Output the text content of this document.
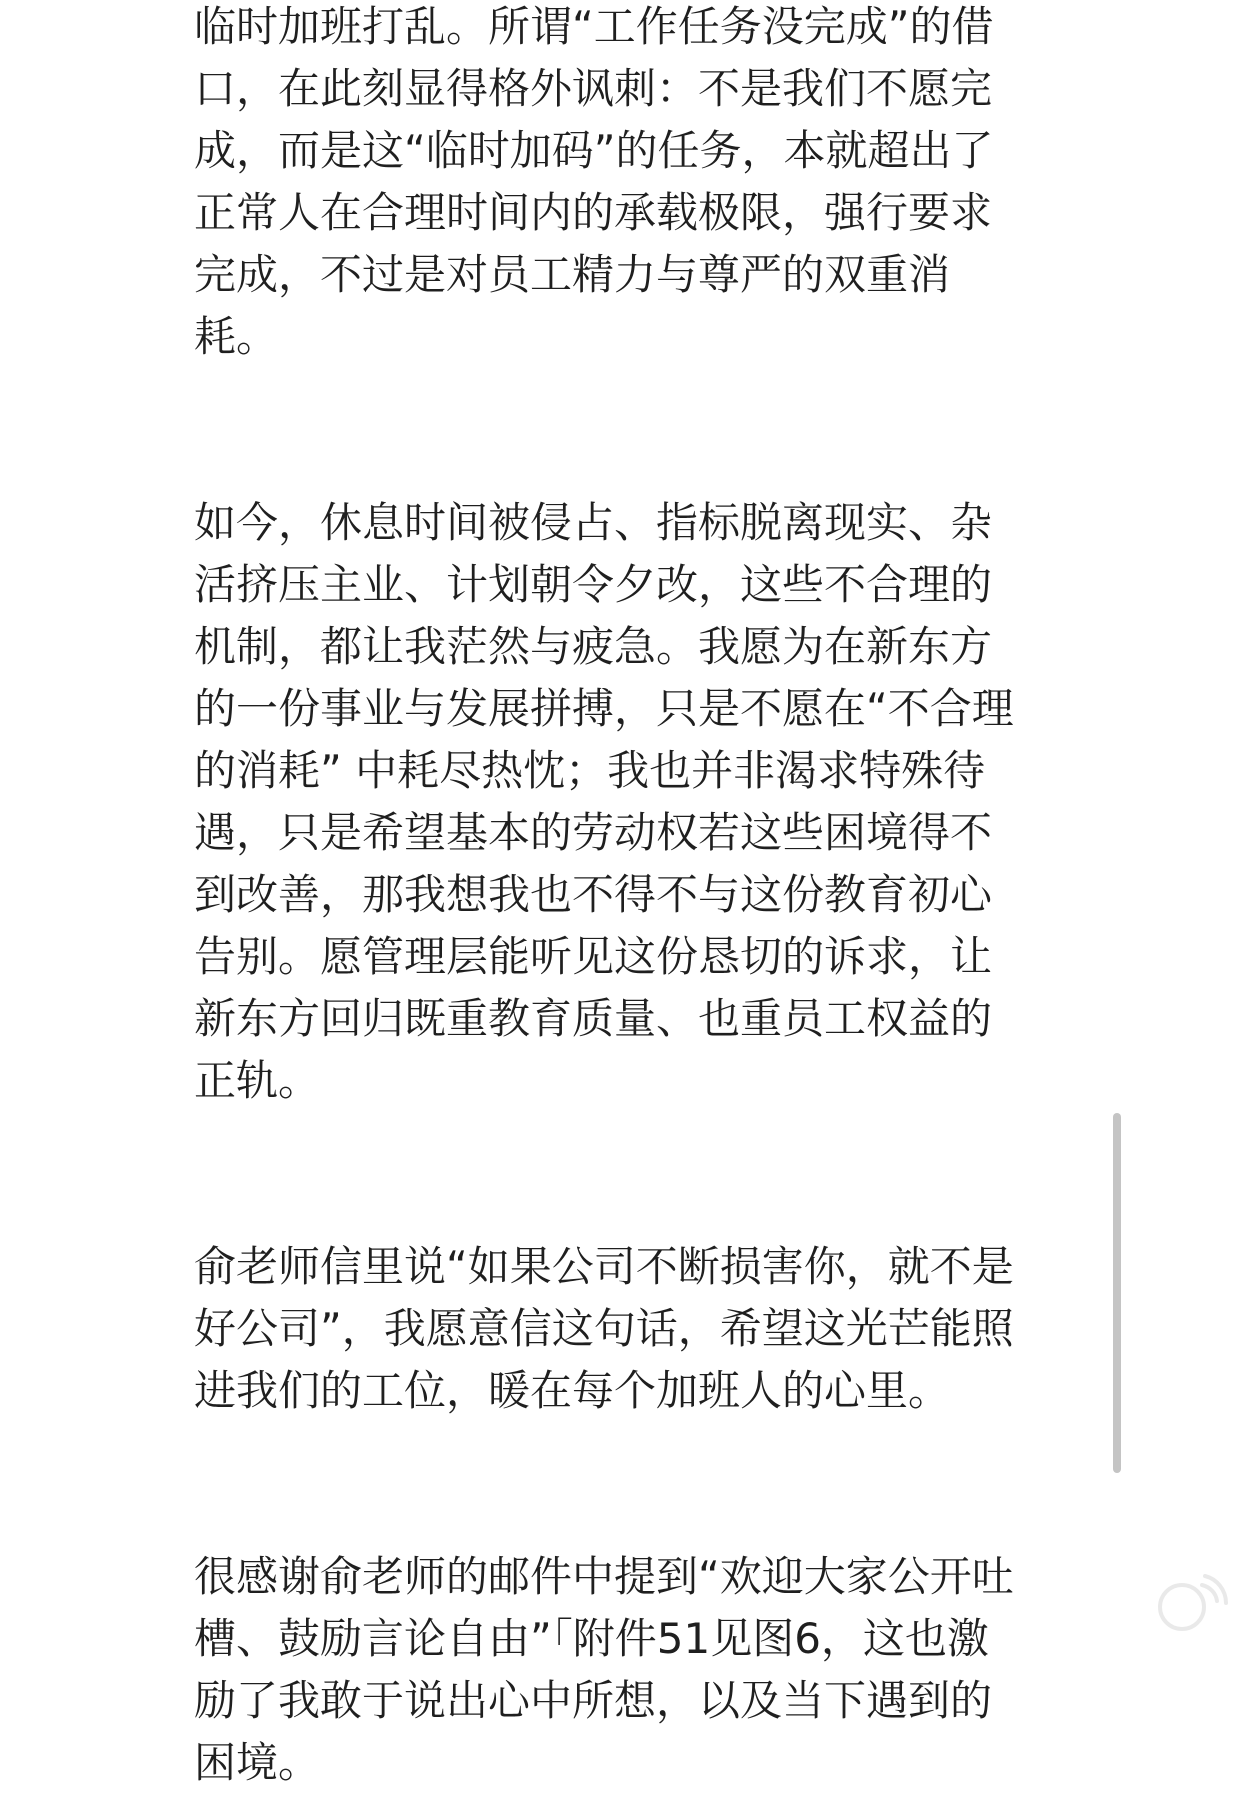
临时加班打乱。所谓“工作任务没完成”的借
口，在此刻显得格外讽刺：不是我们不愿完
成，而是这“临时加码”的任务，本就超出了
正常人在合理时间内的承载极限，强行要求
完成，不过是对员工精力与尊严的双重消
耗。

如今，休息时间被侵占、指标脱离现实、杂
活挤压主业、计划朝令夕改，这些不合理的
机制，都让我茫然与疲急。我愿为在新东方
的一份事业与发展拼搏，只是不愿在“不合理
的消耗” 中耗尽热忱；我也并非渴求特殊待
遇，只是希望基本的劳动权若这些困境得不
到改善，那我想我也不得不与这份教育初心
告别。愿管理层能听见这份恳切的诉求，让
新东方回归既重教育质量、也重员工权益的
正轨。

俞老师信里说“如果公司不断损害你，就不是
好公司”，我愿意信这句话，希望这光芒能照
进我们的工位，暖在每个加班人的心里。

很感谢俞老师的邮件中提到“欢迎大家公开吐
槽、鼓励言论自由”「附件51见图6，这也激
励了我敢于说出心中所想，以及当下遇到的
困境。
